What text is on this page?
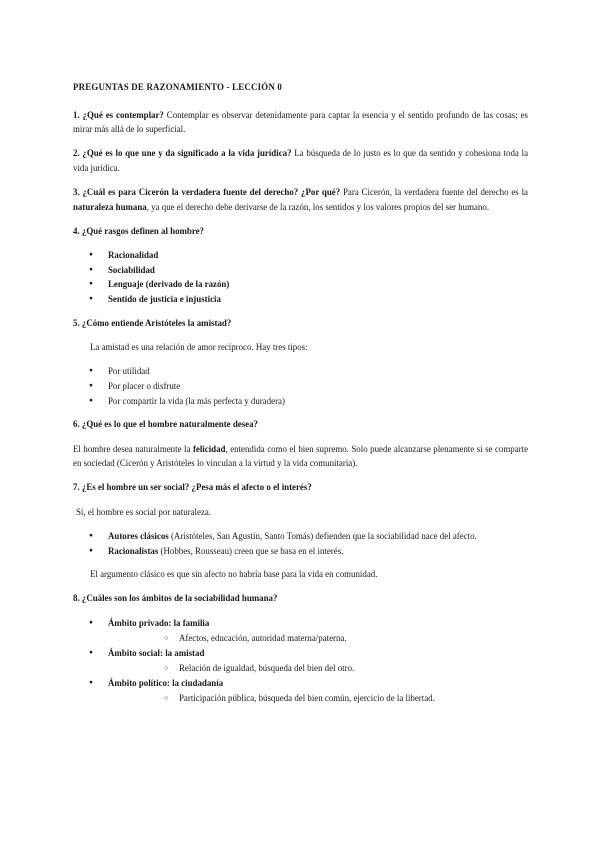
PREGUNTAS DE RAZONAMIENTO - LECCIÓN 0

1. ¿Qué es contemplar? Contemplar es observar detenidamente para captar la esencia y el sentido profundo de las cosas; es mirar más allá de lo superficial.

2. ¿Qué es lo que une y da significado a la vida jurídica? La búsqueda de lo justo es lo que da sentido y cohesiona toda la vida jurídica.

3. ¿Cuál es para Cicerón la verdadera fuente del derecho? ¿Por qué? Para Cicerón, la verdadera fuente del derecho es la naturaleza humana, ya que el derecho debe derivarse de la razón, los sentidos y los valores propios del ser humano.

4. ¿Qué rasgos definen al hombre?
● Racionalidad
● Sociabilidad
● Lenguaje (derivado de la razón)
● Sentido de justicia e injusticia
5. ¿Cómo entiende Aristóteles la amistad?

La amistad es una relación de amor recíproco. Hay tres tipos:

● Por utilidad
● Por placer o disfrute
● Por compartir la vida (la más perfecta y duradera)
6. ¿Qué es lo que el hombre naturalmente desea?

El hombre desea naturalmente la felicidad, entendida como el bien supremo. Solo puede alcanzarse plenamente si se comparte en sociedad (Cicerón y Aristóteles lo vinculan a la virtud y la vida comunitaria).

7. ¿Es el hombre un ser social? ¿Pesa más el afecto o el interés?

Sí, el hombre es social por naturaleza.

● Autores clásicos (Aristóteles, San Agustín, Santo Tomás) defienden que la sociabilidad nace del afecto.
● Racionalistas (Hobbes, Rousseau) creen que se basa en el interés.

El argumento clásico es que sin afecto no habría base para la vida en comunidad.

8. ¿Cuáles son los ámbitos de la sociabilidad humana?
● Ámbito privado: la familia
○ Afectos, educación, autoridad materna/paterna.
● Ámbito social: la amistad
○ Relación de igualdad, búsqueda del bien del otro.
● Ámbito político: la ciudadanía
○ Participación pública, búsqueda del bien común, ejercicio de la libertad.
